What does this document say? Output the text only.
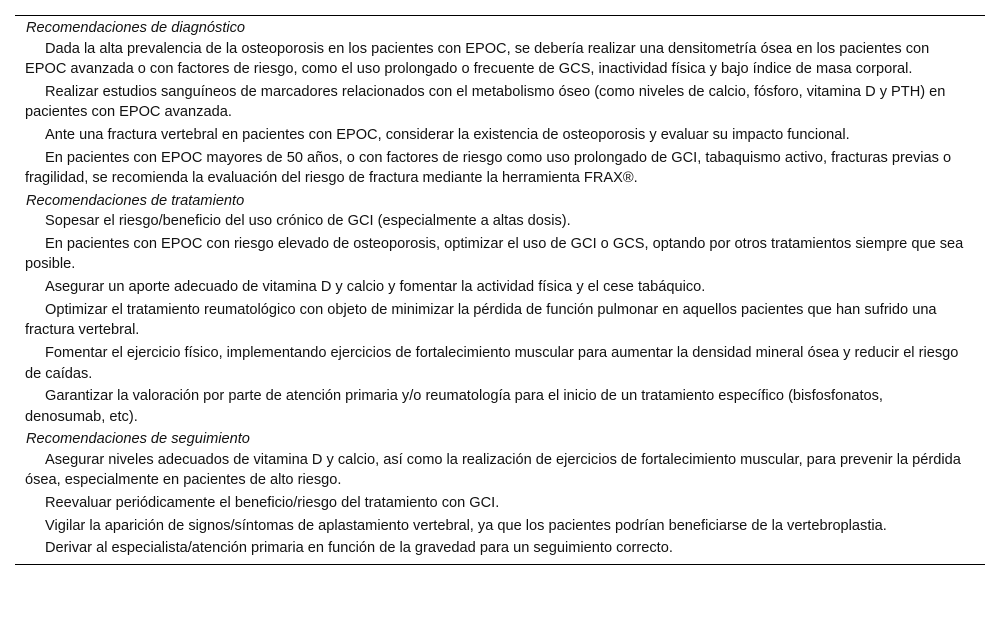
Recomendaciones de diagnóstico

Dada la alta prevalencia de la osteoporosis en los pacientes con EPOC, se debería realizar una densitometría ósea en los pacientes con EPOC avanzada o con factores de riesgo, como el uso prolongado o frecuente de GCS, inactividad física y bajo índice de masa corporal.

Realizar estudios sanguíneos de marcadores relacionados con el metabolismo óseo (como niveles de calcio, fósforo, vitamina D y PTH) en pacientes con EPOC avanzada.

Ante una fractura vertebral en pacientes con EPOC, considerar la existencia de osteoporosis y evaluar su impacto funcional.

En pacientes con EPOC mayores de 50 años, o con factores de riesgo como uso prolongado de GCI, tabaquismo activo, fracturas previas o fragilidad, se recomienda la evaluación del riesgo de fractura mediante la herramienta FRAX®.

Recomendaciones de tratamiento

Sopesar el riesgo/beneficio del uso crónico de GCI (especialmente a altas dosis).

En pacientes con EPOC con riesgo elevado de osteoporosis, optimizar el uso de GCI o GCS, optando por otros tratamientos siempre que sea posible.

Asegurar un aporte adecuado de vitamina D y calcio y fomentar la actividad física y el cese tabáquico.

Optimizar el tratamiento reumatológico con objeto de minimizar la pérdida de función pulmonar en aquellos pacientes que han sufrido una fractura vertebral.

Fomentar el ejercicio físico, implementando ejercicios de fortalecimiento muscular para aumentar la densidad mineral ósea y reducir el riesgo de caídas.

Garantizar la valoración por parte de atención primaria y/o reumatología para el inicio de un tratamiento específico (bisfosfonatos, denosumab, etc).

Recomendaciones de seguimiento

Asegurar niveles adecuados de vitamina D y calcio, así como la realización de ejercicios de fortalecimiento muscular, para prevenir la pérdida ósea, especialmente en pacientes de alto riesgo.

Reevaluar periódicamente el beneficio/riesgo del tratamiento con GCI.

Vigilar la aparición de signos/síntomas de aplastamiento vertebral, ya que los pacientes podrían beneficiarse de la vertebroplastia.

Derivar al especialista/atención primaria en función de la gravedad para un seguimiento correcto.
